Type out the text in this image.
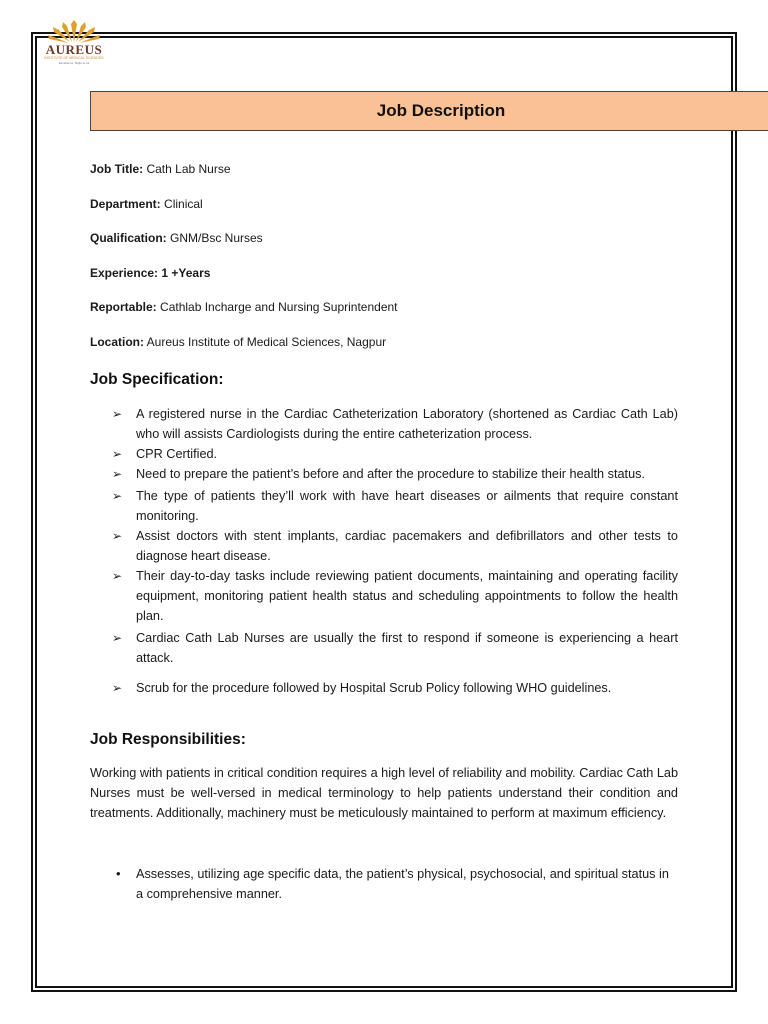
AUREUS
INSTITUTE OF MEDICAL SCIENCES
Excellence, Right to us
Job Description
Job Title: Cath Lab Nurse
Department: Clinical
Qualification: GNM/Bsc Nurses
Experience: 1 +Years
Reportable: Cathlab Incharge and Nursing Suprintendent
Location: Aureus Institute of Medical Sciences, Nagpur
Job Specification:
➢ A registered nurse in the Cardiac Catheterization Laboratory (shortened as Cardiac Cath Lab) who will assists Cardiologists during the entire catheterization process.
➢ CPR Certified.
➢ Need to prepare the patient’s before and after the procedure to stabilize their health status.
➢ The type of patients they’ll work with have heart diseases or ailments that require constant monitoring.
➢ Assist doctors with stent implants, cardiac pacemakers and defibrillators and other tests to diagnose heart disease.
➢ Their day-to-day tasks include reviewing patient documents, maintaining and operating facility equipment, monitoring patient health status and scheduling appointments to follow the health plan.
➢ Cardiac Cath Lab Nurses are usually the first to respond if someone is experiencing a heart attack.
➢ Scrub for the procedure followed by Hospital Scrub Policy following WHO guidelines.
Job Responsibilities:
Working with patients in critical condition requires a high level of reliability and mobility. Cardiac Cath Lab Nurses must be well-versed in medical terminology to help patients understand their condition and treatments. Additionally, machinery must be meticulously maintained to perform at maximum efficiency.
• Assesses, utilizing age specific data, the patient’s physical, psychosocial, and spiritual status in a comprehensive manner.
